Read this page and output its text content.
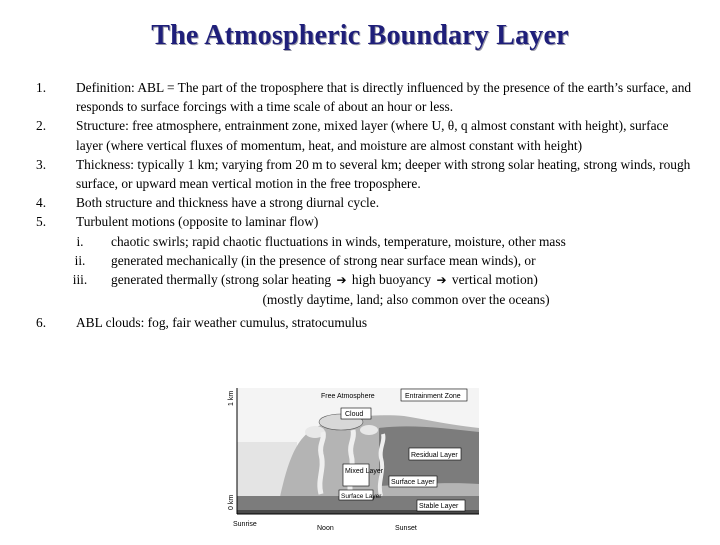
The Atmospheric Boundary Layer
1.	Definition: ABL = The part of the troposphere that is directly influenced by the presence of the earth’s surface, and responds to surface forcings with a time scale of about an hour or less.
2.	Structure: free atmosphere, entrainment zone, mixed layer (where U, θ, q almost constant with height), surface layer (where vertical fluxes of momentum, heat, and moisture are almost constant with height)
3.	Thickness: typically 1 km; varying from 20 m to several km; deeper with strong solar heating, strong winds, rough surface, or upward mean vertical motion in the free troposphere.
4.	Both structure and thickness have a strong diurnal cycle.
5.	Turbulent motions (opposite to laminar flow)
i.	chaotic swirls; rapid chaotic fluctuations in winds, temperature, moisture, other mass
ii.	generated mechanically (in the presence of strong near surface mean winds), or
iii.	generated thermally (strong solar heating ➔ high buoyancy ➔ vertical motion)
(mostly daytime, land; also common over the oceans)
6.	ABL clouds: fog, fair weather cumulus, stratocumulus
1 km
0 km
Free Atmosphere	Entrainment Zone
Cloud
Residual Layer
Mixed Layer
Surface Layer
Surface Layer
Stable Layer
Sunrise
Noon	Sunset
